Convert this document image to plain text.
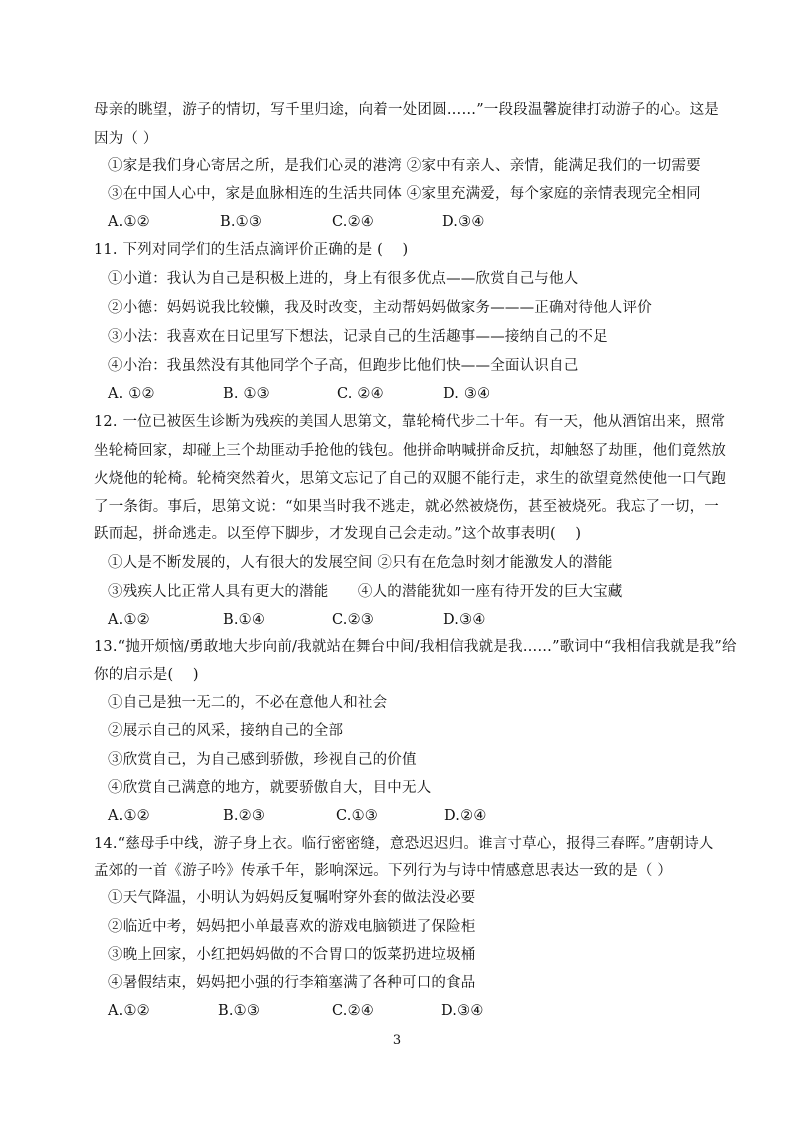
母亲的眺望，游子的情切，写千里归途，向着一处团圆……”一段段温馨旋律打动游子的心。这是
因为（ ）
①家是我们身心寄居之所，是我们心灵的港湾 ②家中有亲人、亲情，能满足我们的一切需要
③在中国人心中，家是血脉相连的生活共同体 ④家里充满爱，每个家庭的亲情表现完全相同
A.①②	B.①③	C.②④	D.③④
11. 下列对同学们的生活点滴评价正确的是 (　 )
①小道：我认为自己是积极上进的，身上有很多优点——欣赏自己与他人
②小德：妈妈说我比较懒，我及时改变，主动帮妈妈做家务———正确对待他人评价
③小法：我喜欢在日记里写下想法，记录自己的生活趣事——接纳自己的不足
④小治：我虽然没有其他同学个子高，但跑步比他们快——全面认识自己
A. ①②	B. ①③	C. ②④	D. ③④
12. 一位已被医生诊断为残疾的美国人思第文，靠轮椅代步二十年。有一天，他从酒馆出来，照常
坐轮椅回家，却碰上三个劫匪动手抢他的钱包。他拼命呐喊拼命反抗，却触怒了劫匪，他们竟然放
火烧他的轮椅。轮椅突然着火，思第文忘记了自己的双腿不能行走，求生的欲望竟然使他一口气跑
了一条街。事后，思第文说：“如果当时我不逃走，就必然被烧伤，甚至被烧死。我忘了一切，一
跃而起，拼命逃走。以至停下脚步，才发现自己会走动。”这个故事表明(　 )
①人是不断发展的，人有很大的发展空间 ②只有在危急时刻才能激发人的潜能
③残疾人比正常人具有更大的潜能　　④人的潜能犹如一座有待开发的巨大宝藏
A.①②	B.①④	C.②③	D.③④
13.“抛开烦恼/勇敢地大步向前/我就站在舞台中间/我相信我就是我……”歌词中“我相信我就是我”给
你的启示是(　 )
①自己是独一无二的，不必在意他人和社会
②展示自己的风采，接纳自己的全部
③欣赏自己，为自己感到骄傲，珍视自己的价值
④欣赏自己满意的地方，就要骄傲自大，目中无人
A.①②	B.②③	C.①③	D.②④
14.“慈母手中线，游子身上衣。临行密密缝，意恐迟迟归。谁言寸草心，报得三春晖。”唐朝诗人
孟郊的一首《游子吟》传承千年，影响深远。下列行为与诗中情感意思表达一致的是（ ）
①天气降温，小明认为妈妈反复嘱咐穿外套的做法没必要
②临近中考，妈妈把小单最喜欢的游戏电脑锁进了保险柜
③晚上回家，小红把妈妈做的不合胃口的饭菜扔进垃圾桶
④暑假结束，妈妈把小强的行李箱塞满了各种可口的食品
A.①②	B.①③	C.②④	D.③④
3
